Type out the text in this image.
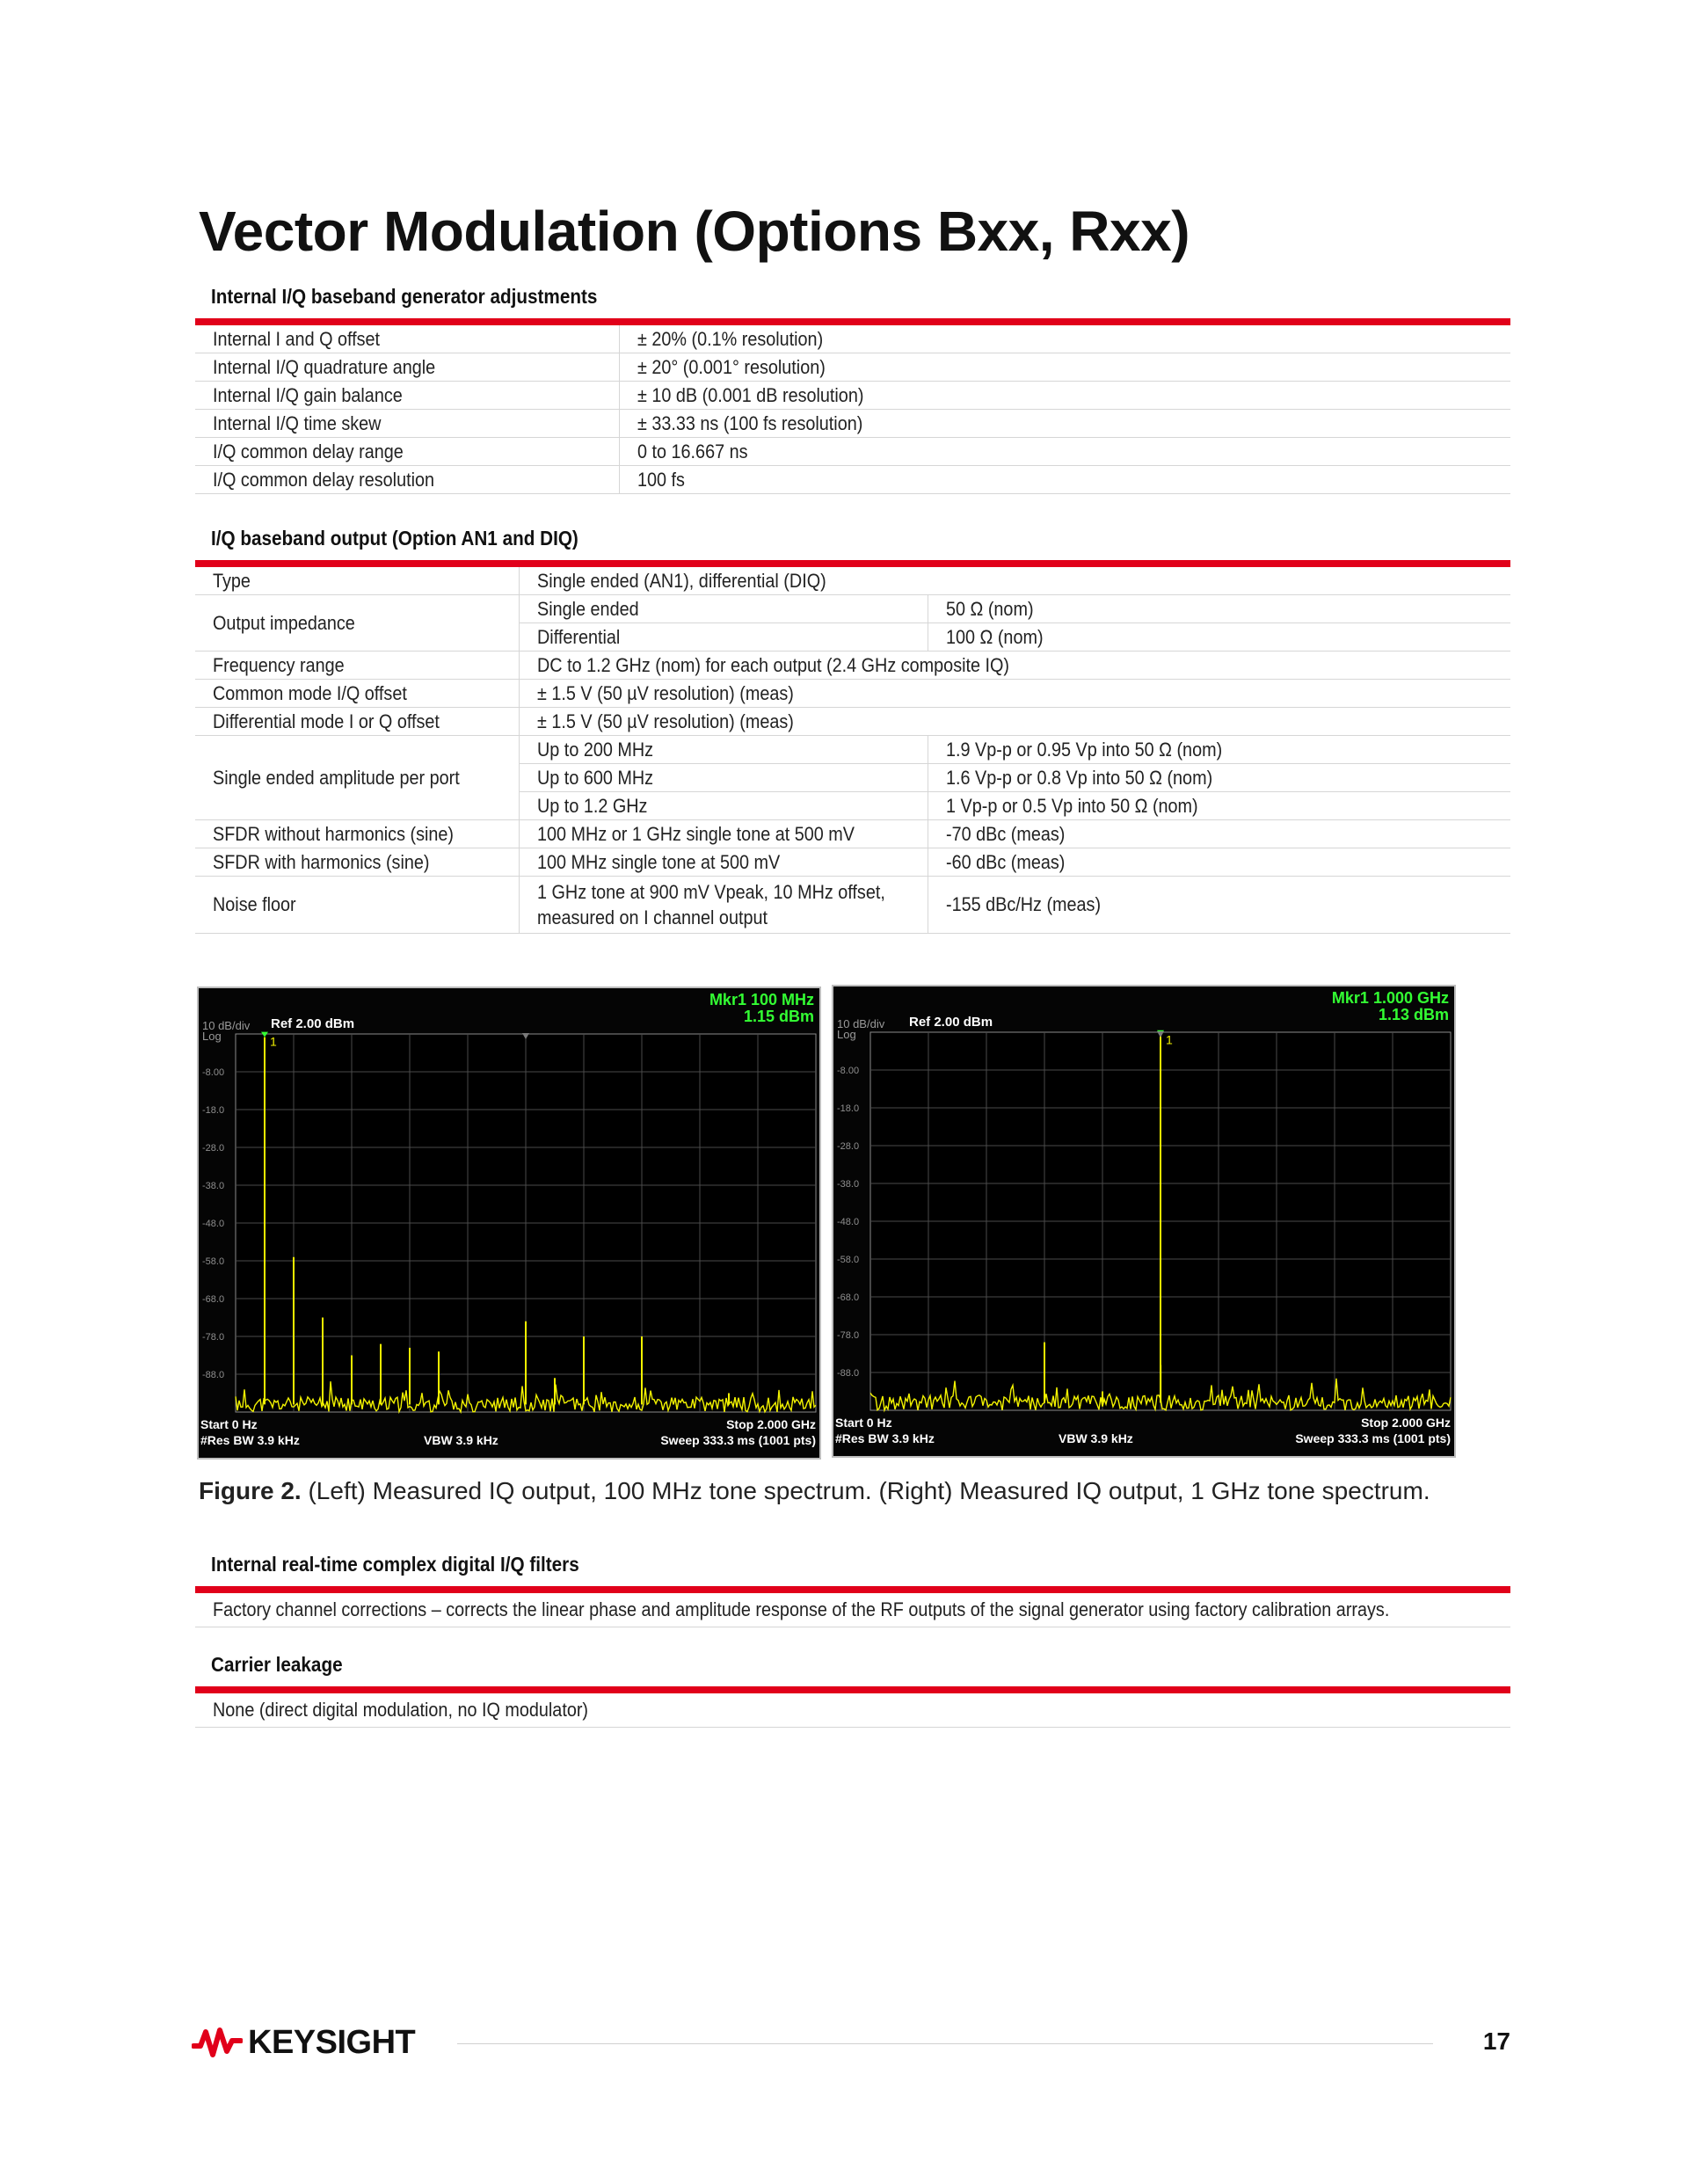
Vector Modulation (Options Bxx, Rxx)
Internal I/Q baseband generator adjustments
Internal I and Q offset	± 20% (0.1% resolution)
Internal I/Q quadrature angle	± 20° (0.001° resolution)
Internal I/Q gain balance	± 10 dB (0.001 dB resolution)
Internal I/Q time skew	± 33.33 ns (100 fs resolution)
I/Q common delay range	0 to 16.667 ns
I/Q common delay resolution	100 fs
I/Q baseband output (Option AN1 and DIQ)
Type	Single ended (AN1), differential (DIQ)	
Output impedance	Single ended	50 Ω (nom)
	Differential	100 Ω (nom)
Frequency range	DC to 1.2 GHz (nom) for each output (2.4 GHz composite IQ)	
Common mode I/Q offset	± 1.5 V (50 µV resolution) (meas)	
Differential mode I or Q offset	± 1.5 V (50 µV resolution) (meas)	
Single ended amplitude per port	Up to 200 MHz	1.9 Vp-p or 0.95 Vp into 50 Ω (nom)
	Up to 600 MHz	1.6 Vp-p or 0.8 Vp into 50 Ω (nom)
	Up to 1.2 GHz	1 Vp-p or 0.5 Vp into 50 Ω (nom)
SFDR without harmonics (sine)	100 MHz or 1 GHz single tone at 500 mV	-70 dBc (meas)
SFDR with harmonics (sine)	100 MHz single tone at 500 mV	-60 dBc (meas)
Noise floor	1 GHz tone at 900 mV Vpeak, 10 MHz offset, measured on I channel output	-155 dBc/Hz (meas)
-8.00
-18.0
-28.0
-38.0
-48.0
-58.0
-68.0
-78.0
-88.0
1
10 dB/div
Log
Ref 2.00 dBm
Mkr1 100 MHz
1.15 dBm
Start 0 Hz	Stop 2.000 GHz
#Res BW 3.9 kHz	VBW 3.9 kHz	Sweep 333.3 ms (1001 pts)
-8.00
-18.0
-28.0
-38.0
-48.0
-58.0
-68.0
-78.0
-88.0
1
10 dB/div
Log
Ref 2.00 dBm
Mkr1 1.000 GHz
1.13 dBm
Start 0 Hz	Stop 2.000 GHz
#Res BW 3.9 kHz	VBW 3.9 kHz	Sweep 333.3 ms (1001 pts)

Figure 2. (Left) Measured IQ output, 100 MHz tone spectrum. (Right) Measured IQ output, 1 GHz tone spectrum.

Internal real-time complex digital I/Q filters
Factory channel corrections – corrects the linear phase and amplitude response of the RF outputs of the signal generator using factory calibration arrays.
Carrier leakage
None (direct digital modulation, no IQ modulator)
KEYSIGHT	17
